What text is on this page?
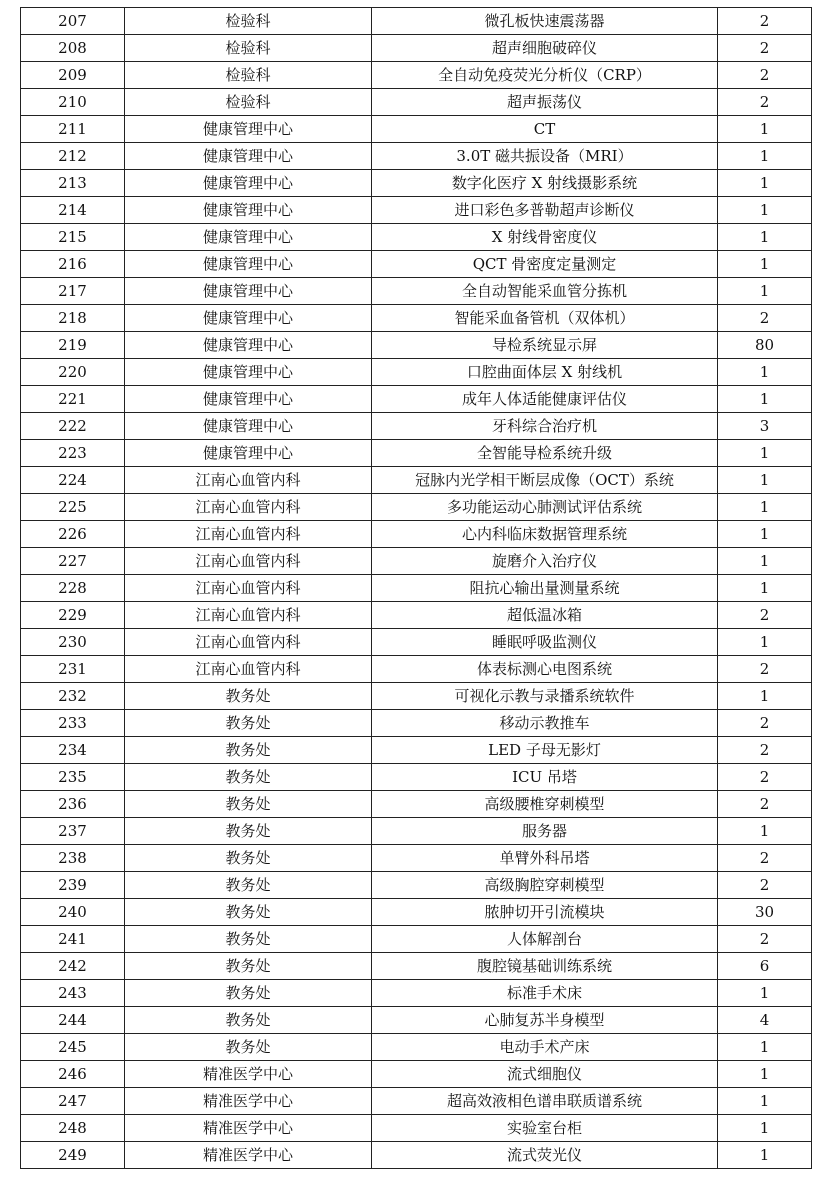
207	检验科	微孔板快速震荡器	2
208	检验科	超声细胞破碎仪	2
209	检验科	全自动免疫荧光分析仪（CRP）	2
210	检验科	超声振荡仪	2
211	健康管理中心	CT	1
212	健康管理中心	3.0T 磁共振设备（MRI）	1
213	健康管理中心	数字化医疗 X 射线摄影系统	1
214	健康管理中心	进口彩色多普勒超声诊断仪	1
215	健康管理中心	X 射线骨密度仪	1
216	健康管理中心	QCT 骨密度定量测定	1
217	健康管理中心	全自动智能采血管分拣机	1
218	健康管理中心	智能采血备管机（双体机）	2
219	健康管理中心	导检系统显示屏	80
220	健康管理中心	口腔曲面体层 X 射线机	1
221	健康管理中心	成年人体适能健康评估仪	1
222	健康管理中心	牙科综合治疗机	3
223	健康管理中心	全智能导检系统升级	1
224	江南心血管内科	冠脉内光学相干断层成像（OCT）系统	1
225	江南心血管内科	多功能运动心肺测试评估系统	1
226	江南心血管内科	心内科临床数据管理系统	1
227	江南心血管内科	旋磨介入治疗仪	1
228	江南心血管内科	阻抗心输出量测量系统	1
229	江南心血管内科	超低温冰箱	2
230	江南心血管内科	睡眠呼吸监测仪	1
231	江南心血管内科	体表标测心电图系统	2
232	教务处	可视化示教与录播系统软件	1
233	教务处	移动示教推车	2
234	教务处	LED 子母无影灯	2
235	教务处	ICU 吊塔	2
236	教务处	高级腰椎穿刺模型	2
237	教务处	服务器	1
238	教务处	单臂外科吊塔	2
239	教务处	高级胸腔穿刺模型	2
240	教务处	脓肿切开引流模块	30
241	教务处	人体解剖台	2
242	教务处	腹腔镜基础训练系统	6
243	教务处	标准手术床	1
244	教务处	心肺复苏半身模型	4
245	教务处	电动手术产床	1
246	精准医学中心	流式细胞仪	1
247	精准医学中心	超高效液相色谱串联质谱系统	1
248	精准医学中心	实验室台柜	1
249	精准医学中心	流式荧光仪	1
